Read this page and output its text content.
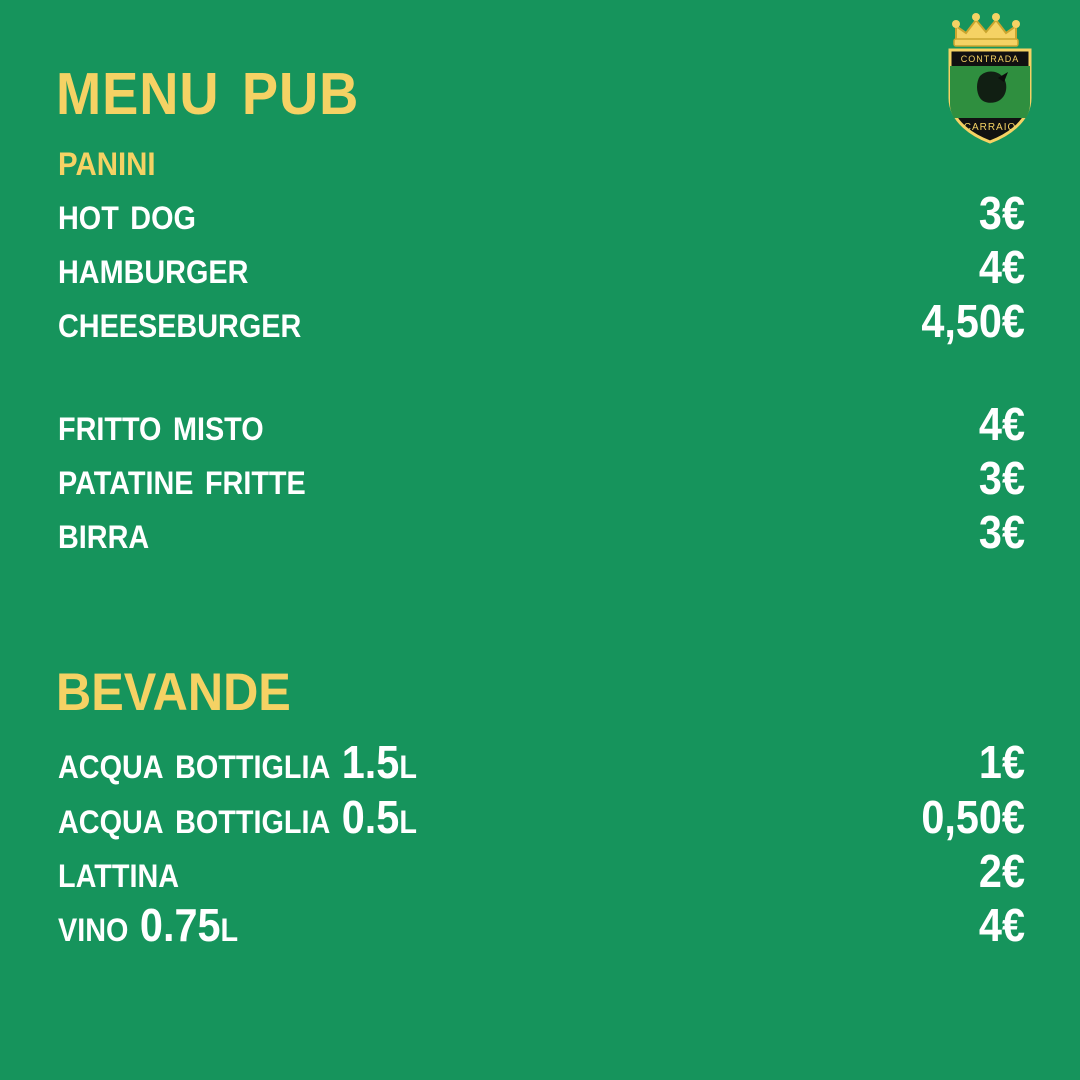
CONTRADA
CARRAIO
menu pub
panini
hot dog	3€
hamburger	4€
cheeseburger	4,50€
fritto misto	4€
patatine fritte	3€
birra	3€
bevande
acqua bottiglia 1.5l	1€
acqua bottiglia 0.5l	0,50€
lattina	2€
vino 0.75l	4€
